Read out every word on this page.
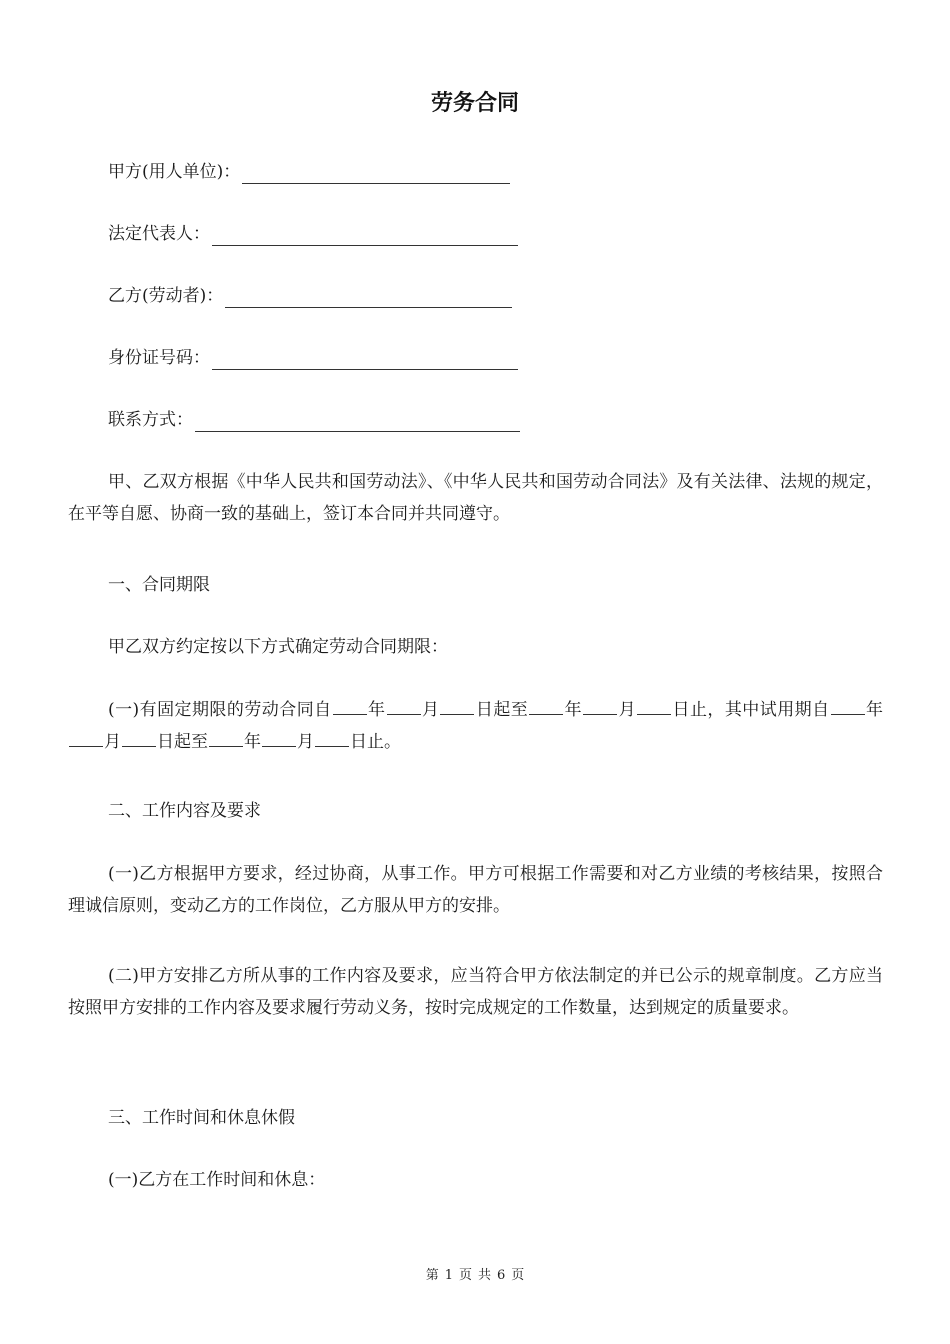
劳务合同
甲方(用人单位)：
法定代表人：
乙方(劳动者)：
身份证号码：
联系方式：
甲、乙双方根据《中华人民共和国劳动法》、《中华人民共和国劳动合同法》及有关法律、法规的规定，在平等自愿、协商一致的基础上，签订本合同并共同遵守。
一、合同期限
甲乙双方约定按以下方式确定劳动合同期限：
(一)有固定期限的劳动合同自 年 月 日起至 年 月 日止，其中试用期自 年月 日起至 年 月 日止。
二、工作内容及要求
(一)乙方根据甲方要求，经过协商，从事工作。甲方可根据工作需要和对乙方业绩的考核结果，按照合理诚信原则，变动乙方的工作岗位，乙方服从甲方的安排。
(二)甲方安排乙方所从事的工作内容及要求，应当符合甲方依法制定的并已公示的规章制度。乙方应当按照甲方安排的工作内容及要求履行劳动义务，按时完成规定的工作数量，达到规定的质量要求。
三、工作时间和休息休假
(一)乙方在工作时间和休息：
第 1 页 共 6 页
